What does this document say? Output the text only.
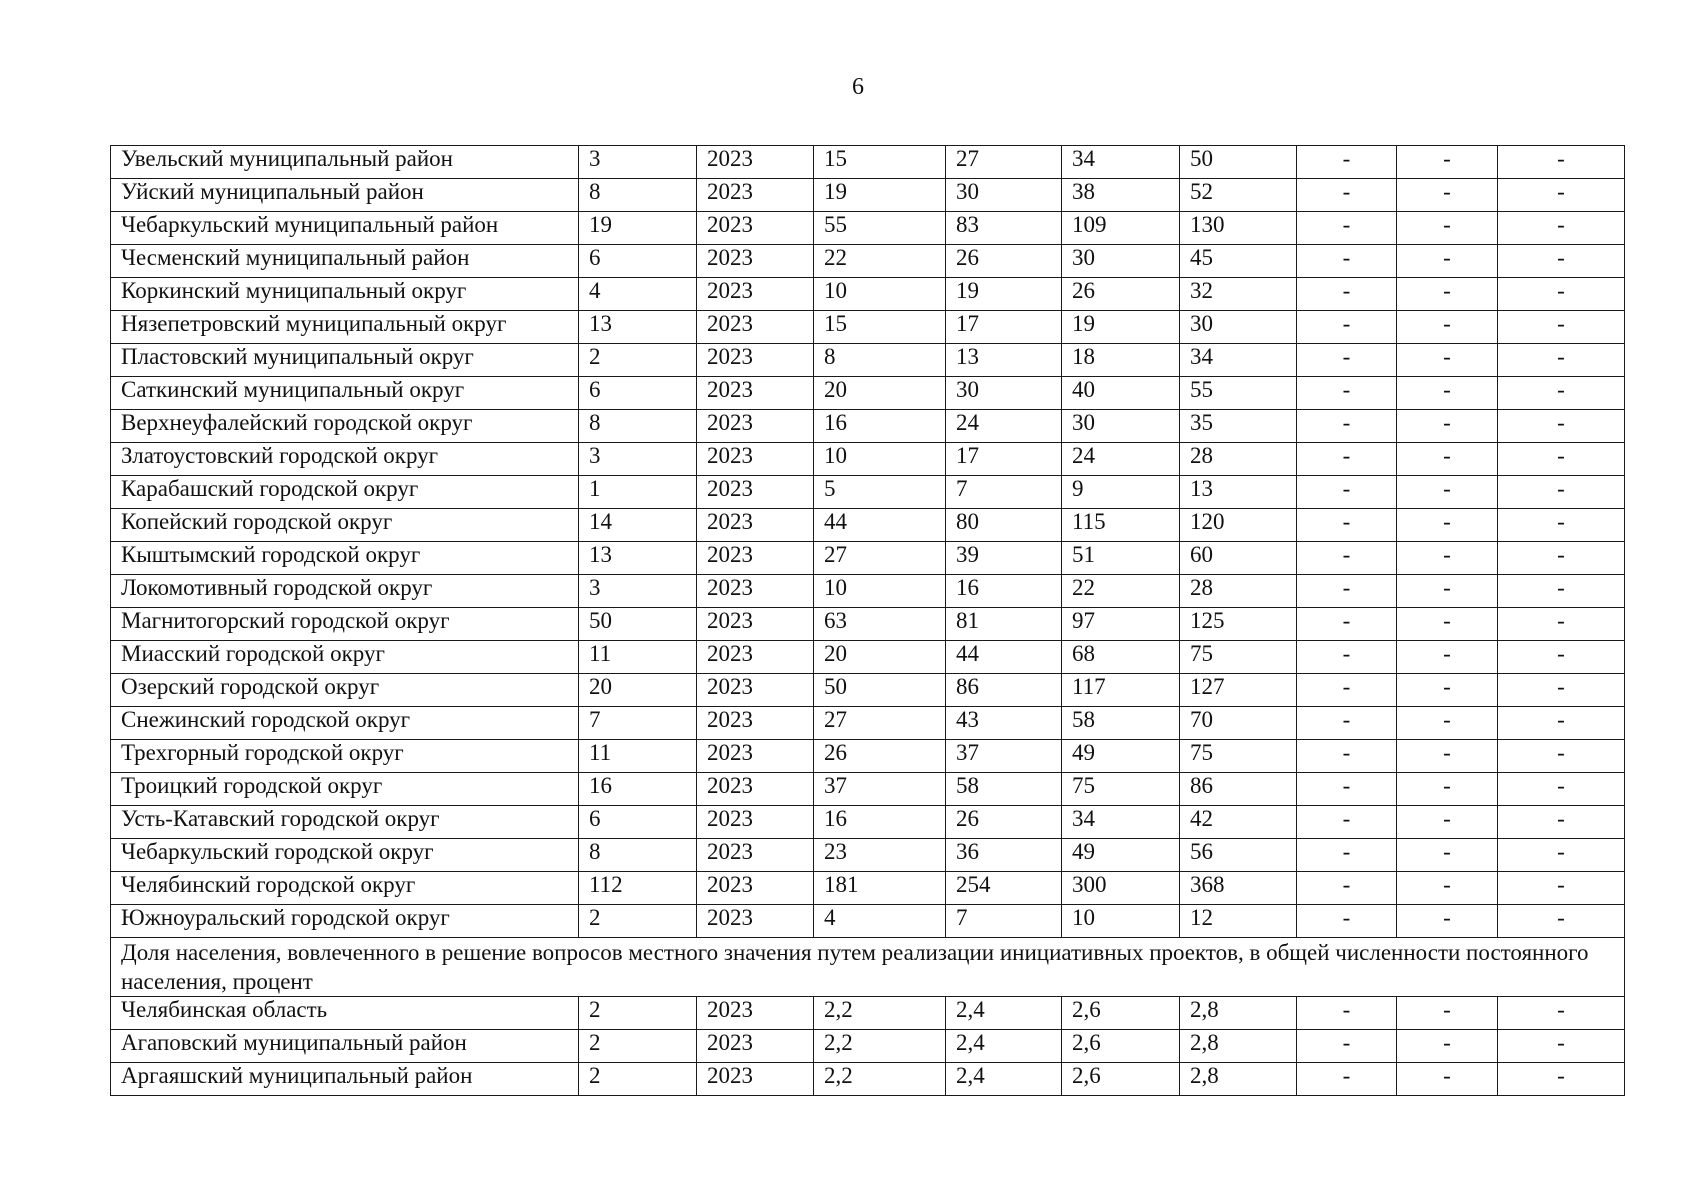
6
Увельский муниципальный район	3	2023	15	27	34	50	-	-	-
Уйский муниципальный район	8	2023	19	30	38	52	-	-	-
Чебаркульский муниципальный район	19	2023	55	83	109	130	-	-	-
Чесменский муниципальный район	6	2023	22	26	30	45	-	-	-
Коркинский муниципальный округ	4	2023	10	19	26	32	-	-	-
Нязепетровский муниципальный округ	13	2023	15	17	19	30	-	-	-
Пластовский муниципальный округ	2	2023	8	13	18	34	-	-	-
Саткинский муниципальный округ	6	2023	20	30	40	55	-	-	-
Верхнеуфалейский городской округ	8	2023	16	24	30	35	-	-	-
Златоустовский городской округ	3	2023	10	17	24	28	-	-	-
Карабашский городской округ	1	2023	5	7	9	13	-	-	-
Копейский городской округ	14	2023	44	80	115	120	-	-	-
Кыштымский городской округ	13	2023	27	39	51	60	-	-	-
Локомотивный городской округ	3	2023	10	16	22	28	-	-	-
Магнитогорский городской округ	50	2023	63	81	97	125	-	-	-
Миасский городской округ	11	2023	20	44	68	75	-	-	-
Озерский городской округ	20	2023	50	86	117	127	-	-	-
Снежинский городской округ	7	2023	27	43	58	70	-	-	-
Трехгорный городской округ	11	2023	26	37	49	75	-	-	-
Троицкий городской округ	16	2023	37	58	75	86	-	-	-
Усть-Катавский городской округ	6	2023	16	26	34	42	-	-	-
Чебаркульский городской округ	8	2023	23	36	49	56	-	-	-
Челябинский городской округ	112	2023	181	254	300	368	-	-	-
Южноуральский городской округ	2	2023	4	7	10	12	-	-	-
Доля населения, вовлеченного в решение вопросов местного значения путем реализации инициативных проектов, в общей численности постоянного населения, процент									
Челябинская область	2	2023	2,2	2,4	2,6	2,8	-	-	-
Агаповский муниципальный район	2	2023	2,2	2,4	2,6	2,8	-	-	-
Аргаяшский муниципальный район	2	2023	2,2	2,4	2,6	2,8	-	-	-
